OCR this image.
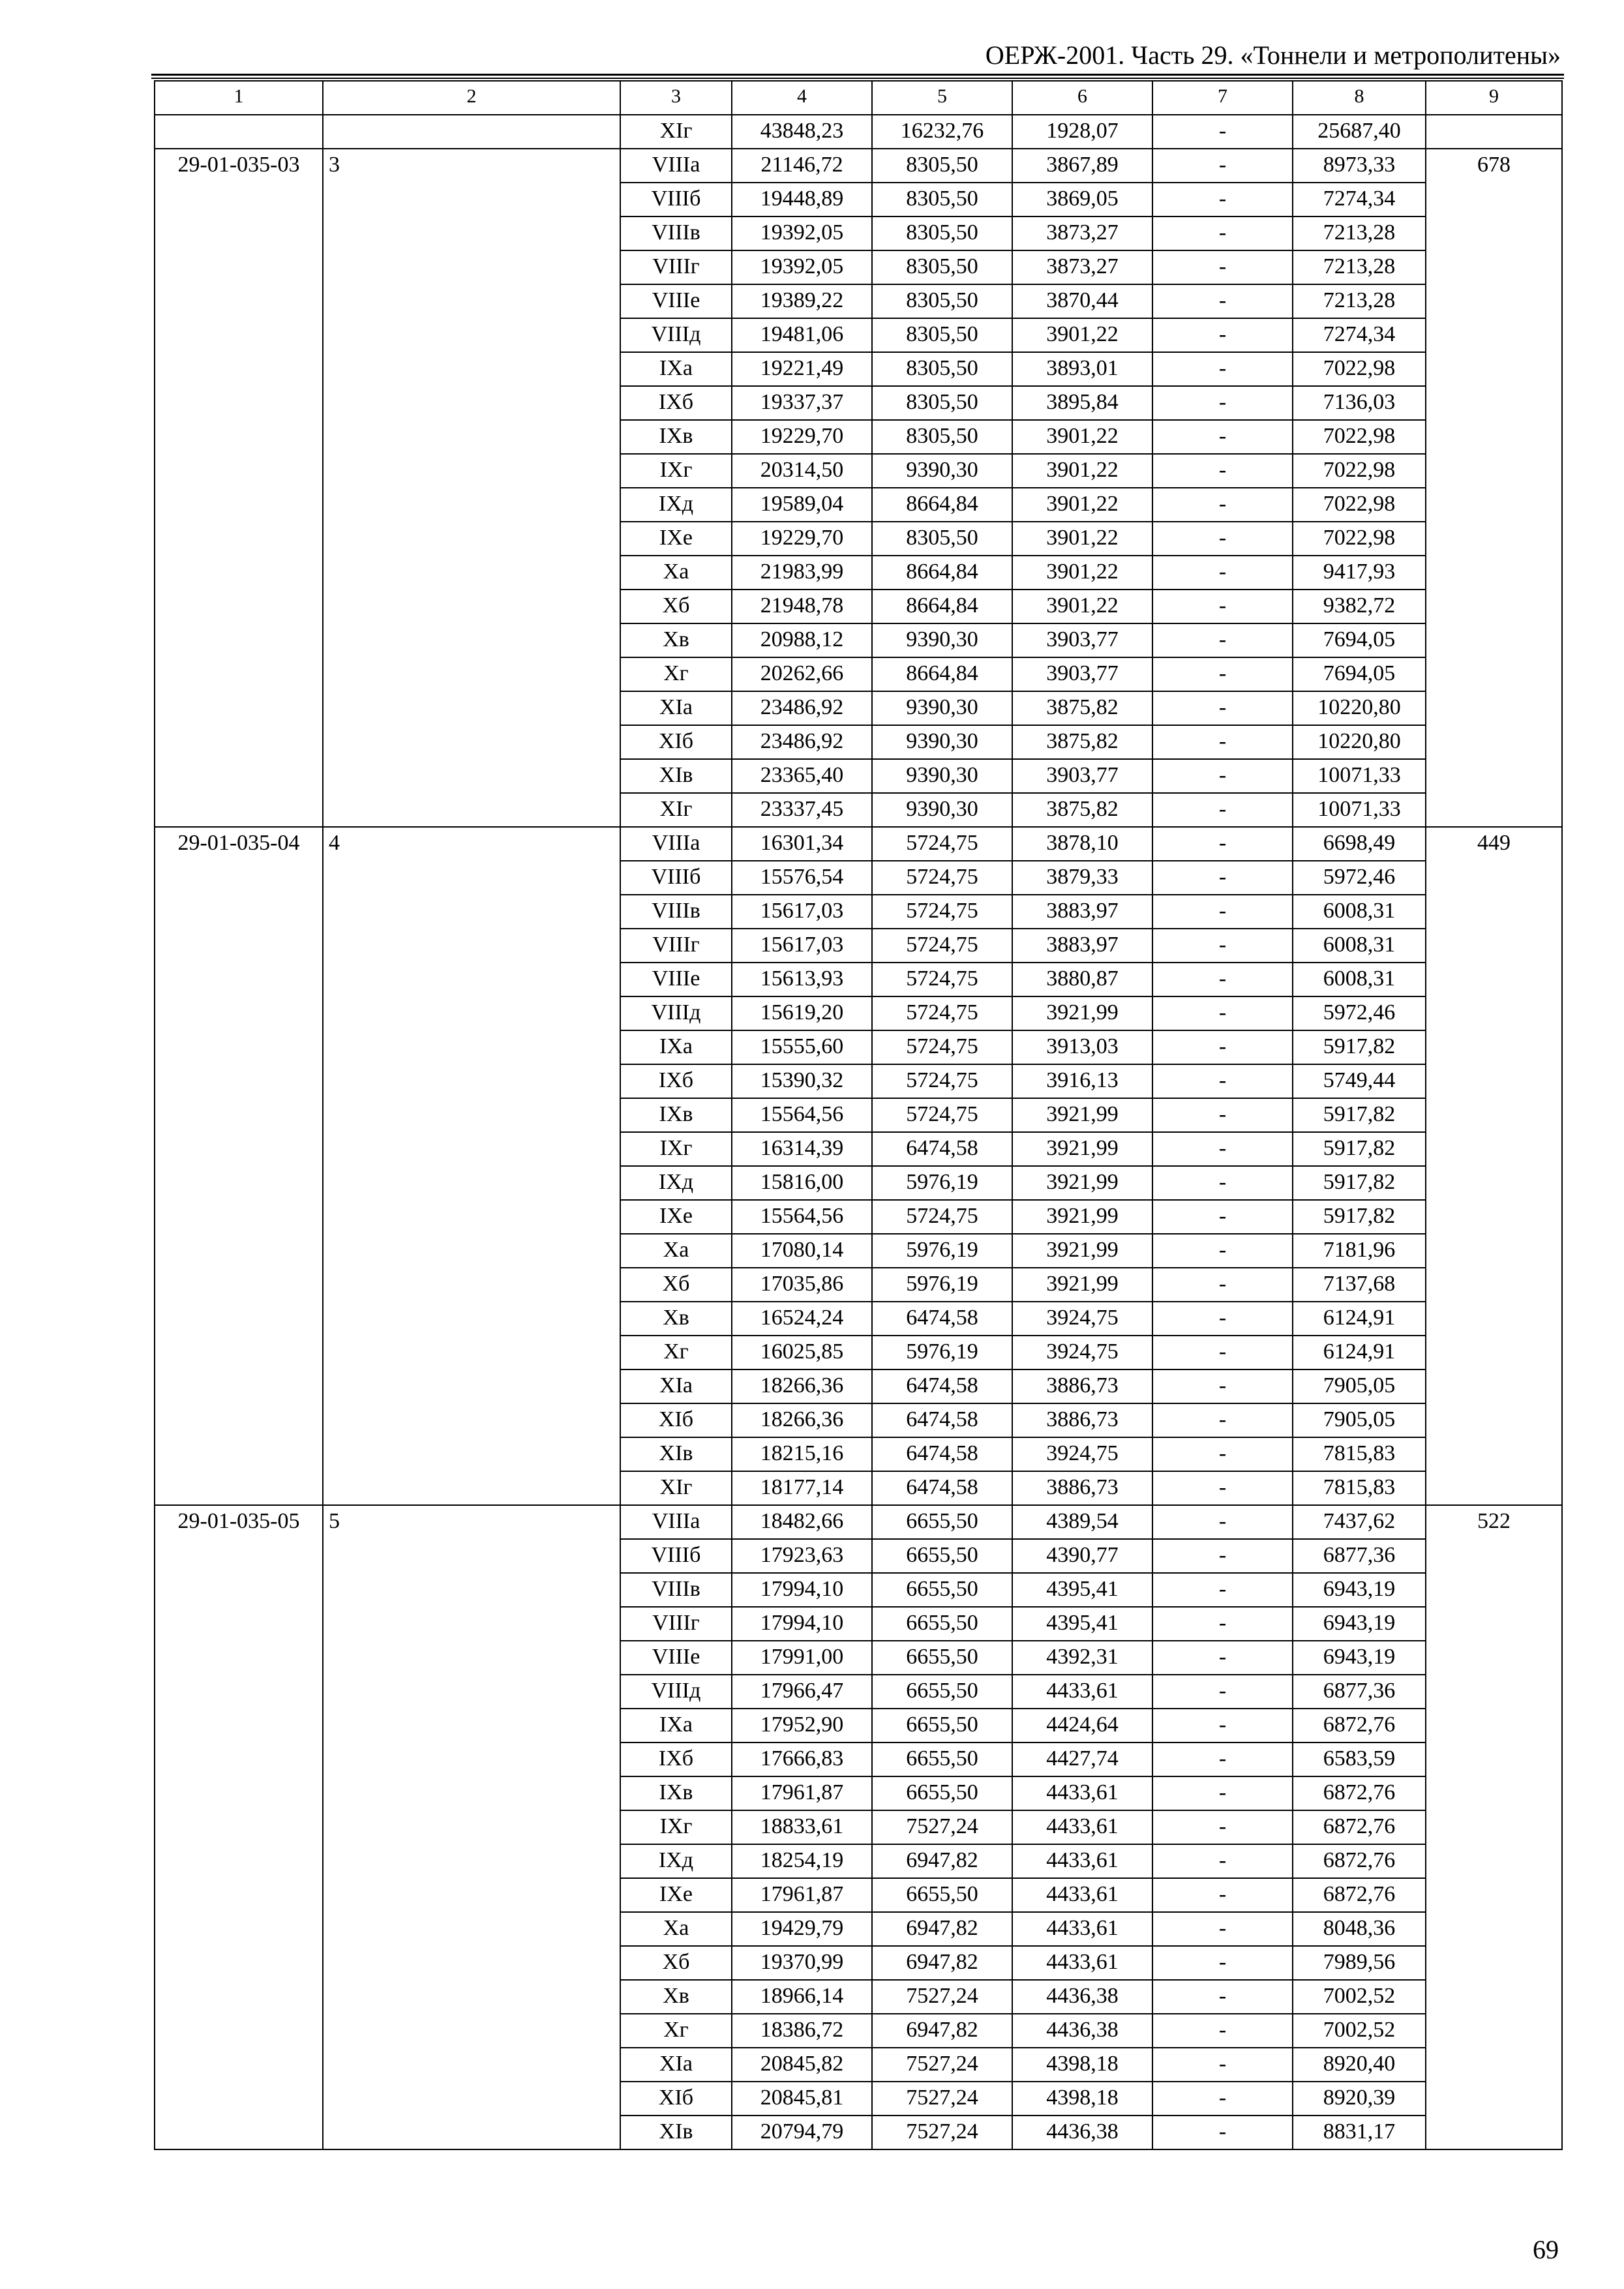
ОЕРЖ-2001. Часть 29. «Тоннели и метрополитены»
1	2	3	4	5	6	7	8	9
		XIг	43848,23	16232,76	1928,07	-	25687,40	
29-01-035-03	3	VIIIа	21146,72	8305,50	3867,89	-	8973,33	678
		VIIIб	19448,89	8305,50	3869,05	-	7274,34	
		VIIIв	19392,05	8305,50	3873,27	-	7213,28	
		VIIIг	19392,05	8305,50	3873,27	-	7213,28	
		VIIIе	19389,22	8305,50	3870,44	-	7213,28	
		VIIIд	19481,06	8305,50	3901,22	-	7274,34	
		IXа	19221,49	8305,50	3893,01	-	7022,98	
		IXб	19337,37	8305,50	3895,84	-	7136,03	
		IXв	19229,70	8305,50	3901,22	-	7022,98	
		IXг	20314,50	9390,30	3901,22	-	7022,98	
		IXд	19589,04	8664,84	3901,22	-	7022,98	
		IXе	19229,70	8305,50	3901,22	-	7022,98	
		Xа	21983,99	8664,84	3901,22	-	9417,93	
		Xб	21948,78	8664,84	3901,22	-	9382,72	
		Xв	20988,12	9390,30	3903,77	-	7694,05	
		Xг	20262,66	8664,84	3903,77	-	7694,05	
		XIа	23486,92	9390,30	3875,82	-	10220,80	
		XIб	23486,92	9390,30	3875,82	-	10220,80	
		XIв	23365,40	9390,30	3903,77	-	10071,33	
		XIг	23337,45	9390,30	3875,82	-	10071,33	
29-01-035-04	4	VIIIа	16301,34	5724,75	3878,10	-	6698,49	449
		VIIIб	15576,54	5724,75	3879,33	-	5972,46	
		VIIIв	15617,03	5724,75	3883,97	-	6008,31	
		VIIIг	15617,03	5724,75	3883,97	-	6008,31	
		VIIIе	15613,93	5724,75	3880,87	-	6008,31	
		VIIIд	15619,20	5724,75	3921,99	-	5972,46	
		IXа	15555,60	5724,75	3913,03	-	5917,82	
		IXб	15390,32	5724,75	3916,13	-	5749,44	
		IXв	15564,56	5724,75	3921,99	-	5917,82	
		IXг	16314,39	6474,58	3921,99	-	5917,82	
		IXд	15816,00	5976,19	3921,99	-	5917,82	
		IXе	15564,56	5724,75	3921,99	-	5917,82	
		Xа	17080,14	5976,19	3921,99	-	7181,96	
		Xб	17035,86	5976,19	3921,99	-	7137,68	
		Xв	16524,24	6474,58	3924,75	-	6124,91	
		Xг	16025,85	5976,19	3924,75	-	6124,91	
		XIа	18266,36	6474,58	3886,73	-	7905,05	
		XIб	18266,36	6474,58	3886,73	-	7905,05	
		XIв	18215,16	6474,58	3924,75	-	7815,83	
		XIг	18177,14	6474,58	3886,73	-	7815,83	
29-01-035-05	5	VIIIа	18482,66	6655,50	4389,54	-	7437,62	522
		VIIIб	17923,63	6655,50	4390,77	-	6877,36	
		VIIIв	17994,10	6655,50	4395,41	-	6943,19	
		VIIIг	17994,10	6655,50	4395,41	-	6943,19	
		VIIIе	17991,00	6655,50	4392,31	-	6943,19	
		VIIIд	17966,47	6655,50	4433,61	-	6877,36	
		IXа	17952,90	6655,50	4424,64	-	6872,76	
		IXб	17666,83	6655,50	4427,74	-	6583,59	
		IXв	17961,87	6655,50	4433,61	-	6872,76	
		IXг	18833,61	7527,24	4433,61	-	6872,76	
		IXд	18254,19	6947,82	4433,61	-	6872,76	
		IXе	17961,87	6655,50	4433,61	-	6872,76	
		Xа	19429,79	6947,82	4433,61	-	8048,36	
		Xб	19370,99	6947,82	4433,61	-	7989,56	
		Xв	18966,14	7527,24	4436,38	-	7002,52	
		Xг	18386,72	6947,82	4436,38	-	7002,52	
		XIа	20845,82	7527,24	4398,18	-	8920,40	
		XIб	20845,81	7527,24	4398,18	-	8920,39	
		XIв	20794,79	7527,24	4436,38	-	8831,17	
69
